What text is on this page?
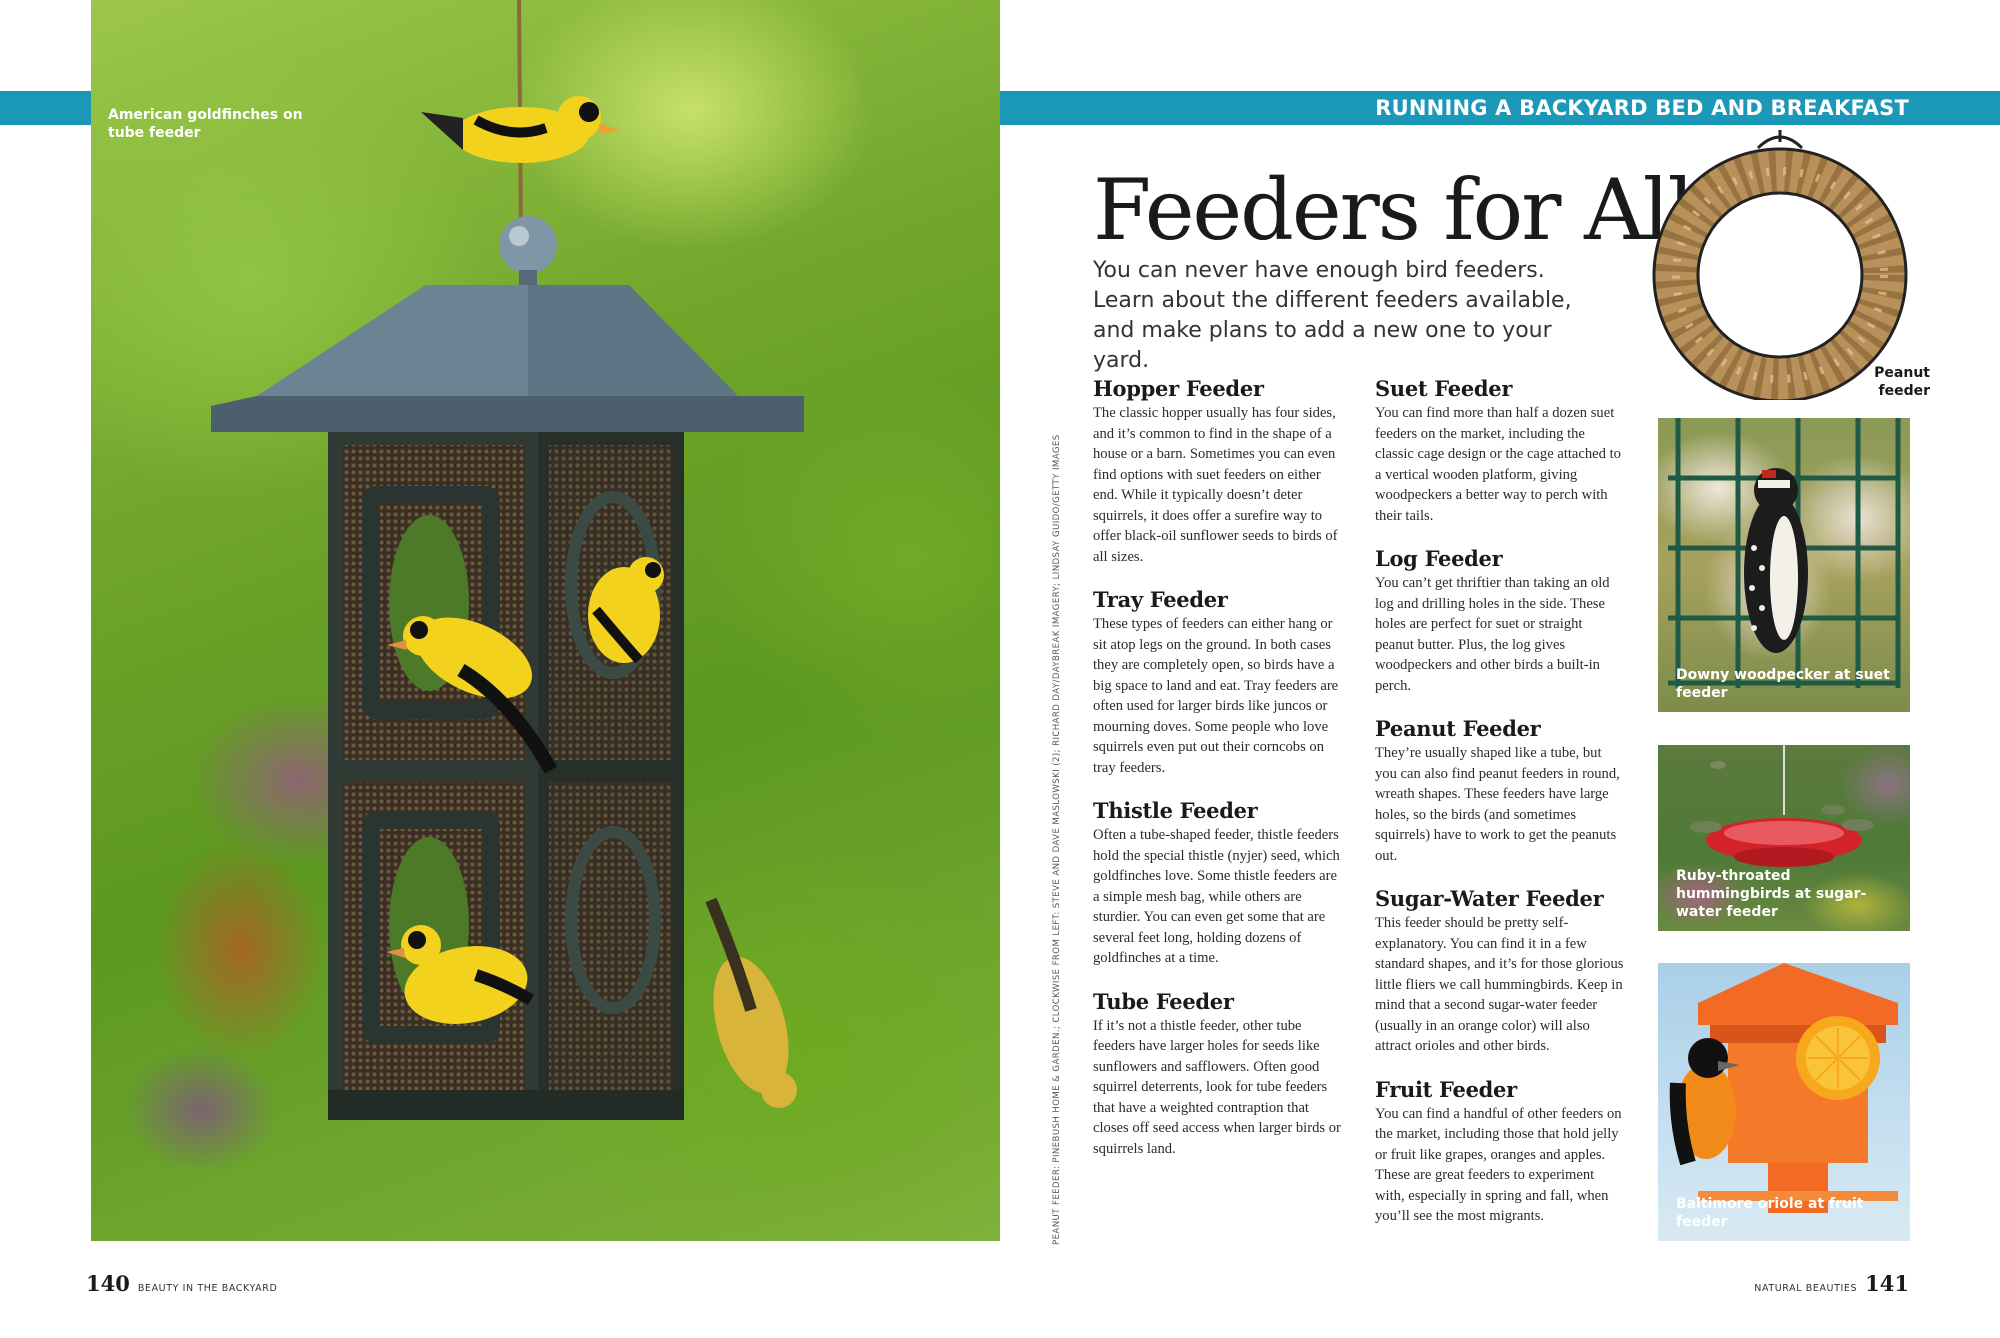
American goldfinches on tube feeder
PEANUT FEEDER: PINEBUSH HOME & GARDEN.; CLOCKWISE FROM LEFT: STEVE AND DAVE MASLOWSKI (2); RICHARD DAY/DAYBREAK IMAGERY; LINDSAY GUIDO/GETTY IMAGES
RUNNING A BACKYARD BED AND BREAKFAST
Feeders for All
You can never have enough bird feeders. Learn about the different feeders available, and make plans to add a new one to your yard.	Peanut feeder
Downy woodpecker at suet feeder
Ruby-throated hummingbirds at sugar-water feeder
Baltimore oriole at fruit feeder
Hopper Feeder

The classic hopper usually has four sides, and it’s common to find in the shape of a house or a barn. Sometimes you can even find options with suet feeders on either end. While it typically doesn’t deter squirrels, it does offer a surefire way to offer black-oil sunflower seeds to birds of all sizes.

Tray Feeder

These types of feeders can either hang or sit atop legs on the ground. In both cases they are completely open, so birds have a big space to land and eat. Tray feeders are often used for larger birds like juncos or mourning doves. Some people who love squirrels even put out their corncobs on tray feeders.

Thistle Feeder

Often a tube-shaped feeder, thistle feeders hold the special thistle (nyjer) seed, which goldfinches love. Some thistle feeders are a simple mesh bag, while others are sturdier. You can even get some that are several feet long, holding dozens of goldfinches at a time.

Tube Feeder

If it’s not a thistle feeder, other tube feeders have larger holes for seeds like sunflowers and safflowers. Often good squirrel deterrents, look for tube feeders that have a weighted contraption that closes off seed access when larger birds or squirrels land.

Suet Feeder

You can find more than half a dozen suet feeders on the market, including the classic cage design or the cage attached to a vertical wooden platform, giving woodpeckers a better way to perch with their tails.

Log Feeder

You can’t get thriftier than taking an old log and drilling holes in the side. These holes are perfect for suet or straight peanut butter. Plus, the log gives woodpeckers and other birds a built-in perch.

Peanut Feeder

They’re usually shaped like a tube, but you can also find peanut feeders in round, wreath shapes. These feeders have large holes, so the birds (and sometimes squirrels) have to work to get the peanuts out.

Sugar-Water Feeder

This feeder should be pretty self-explanatory. You can find it in a few standard shapes, and it’s for those glorious little fliers we call hummingbirds. Keep in mind that a second sugar-water feeder (usually in an orange color) will also attract orioles and other birds.

Fruit Feeder

You can find a handful of other feeders on the market, including those that hold jelly or fruit like grapes, oranges and apples. These are great feeders to experiment with, especially in spring and fall, when you’ll see the most migrants.

140 BEAUTY IN THE BACKYARD	NATURAL BEAUTIES 141
